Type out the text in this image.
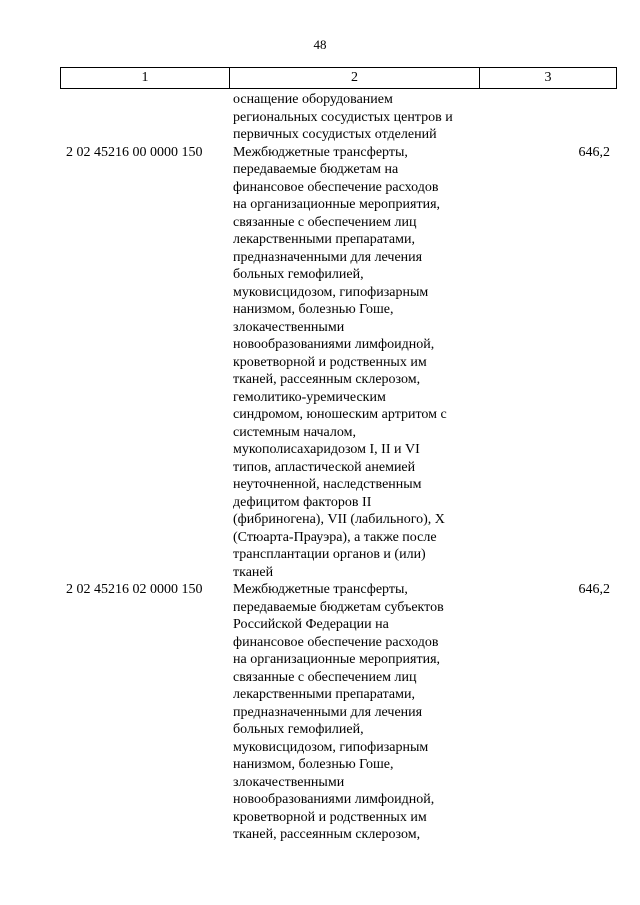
48
1	2	3
оснащение оборудованием
региональных сосудистых центров и
первичных сосудистых отделений
2 02 45216 00 0000 150	Межбюджетные трансферты,
передаваемые бюджетам на
финансовое обеспечение расходов
на организационные мероприятия,
связанные с обеспечением лиц
лекарственными препаратами,
предназначенными для лечения
больных гемофилией,
муковисцидозом, гипофизарным
нанизмом, болезнью Гоше,
злокачественными
новообразованиями лимфоидной,
кроветворной и родственных им
тканей, рассеянным склерозом,
гемолитико-уремическим
синдромом, юношеским артритом с
системным началом,
мукополисахаридозом I, II и VI
типов, апластической анемией
неуточненной, наследственным
дефицитом факторов II
(фибриногена), VII (лабильного), X
(Стюарта-Прауэра), а также после
трансплантации органов и (или)
тканей
646,2
2 02 45216 02 0000 150	Межбюджетные трансферты,
передаваемые бюджетам субъектов
Российской Федерации на
финансовое обеспечение расходов
на организационные мероприятия,
связанные с обеспечением лиц
лекарственными препаратами,
предназначенными для лечения
больных гемофилией,
муковисцидозом, гипофизарным
нанизмом, болезнью Гоше,
злокачественными
новообразованиями лимфоидной,
кроветворной и родственных им
тканей, рассеянным склерозом,
646,2
